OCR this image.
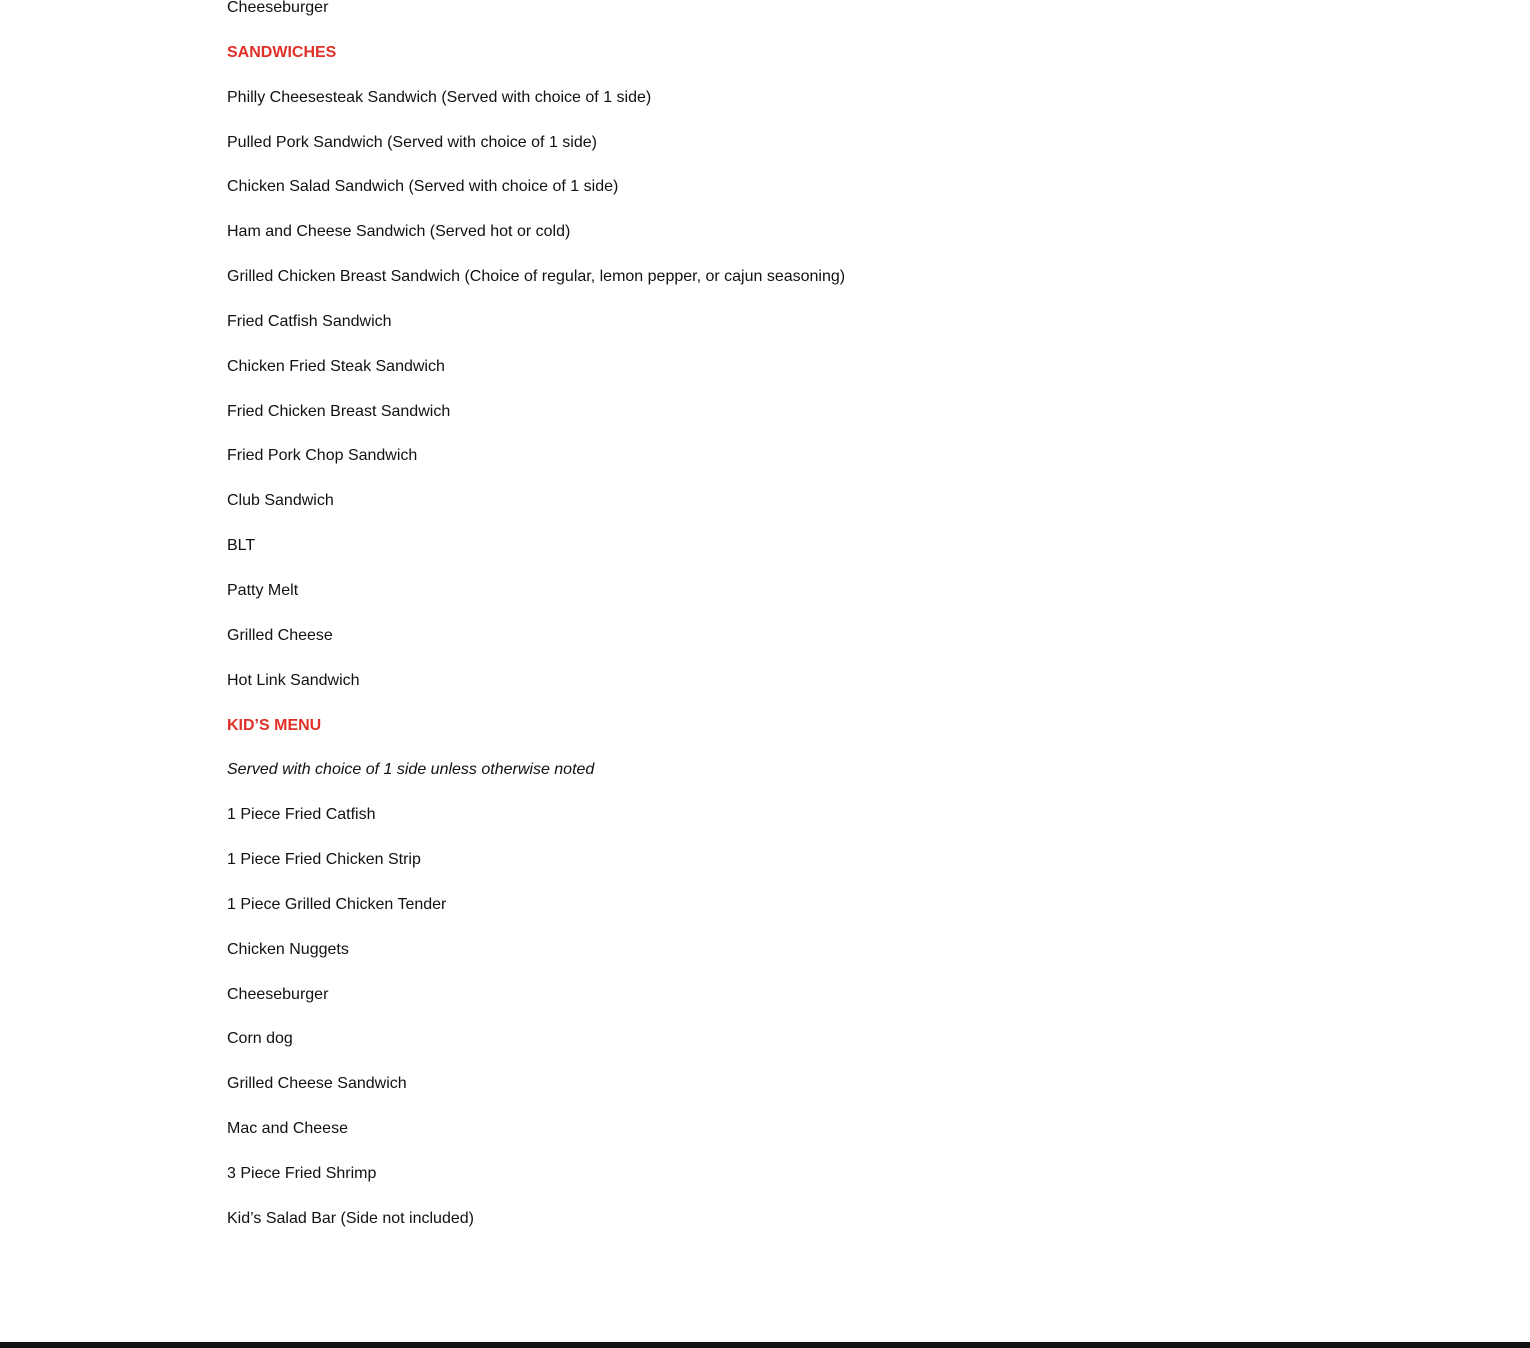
Cheeseburger
SANDWICHES
Philly Cheesesteak Sandwich (Served with choice of 1 side)
Pulled Pork Sandwich (Served with choice of 1 side)
Chicken Salad Sandwich (Served with choice of 1 side)
Ham and Cheese Sandwich (Served hot or cold)
Grilled Chicken Breast Sandwich (Choice of regular, lemon pepper, or cajun seasoning)
Fried Catfish Sandwich
Chicken Fried Steak Sandwich
Fried Chicken Breast Sandwich
Fried Pork Chop Sandwich
Club Sandwich
BLT
Patty Melt
Grilled Cheese
Hot Link Sandwich
KID’S MENU
Served with choice of 1 side unless otherwise noted
1 Piece Fried Catfish
1 Piece Fried Chicken Strip
1 Piece Grilled Chicken Tender
Chicken Nuggets
Cheeseburger
Corn dog
Grilled Cheese Sandwich
Mac and Cheese
3 Piece Fried Shrimp
Kid’s Salad Bar (Side not included)
